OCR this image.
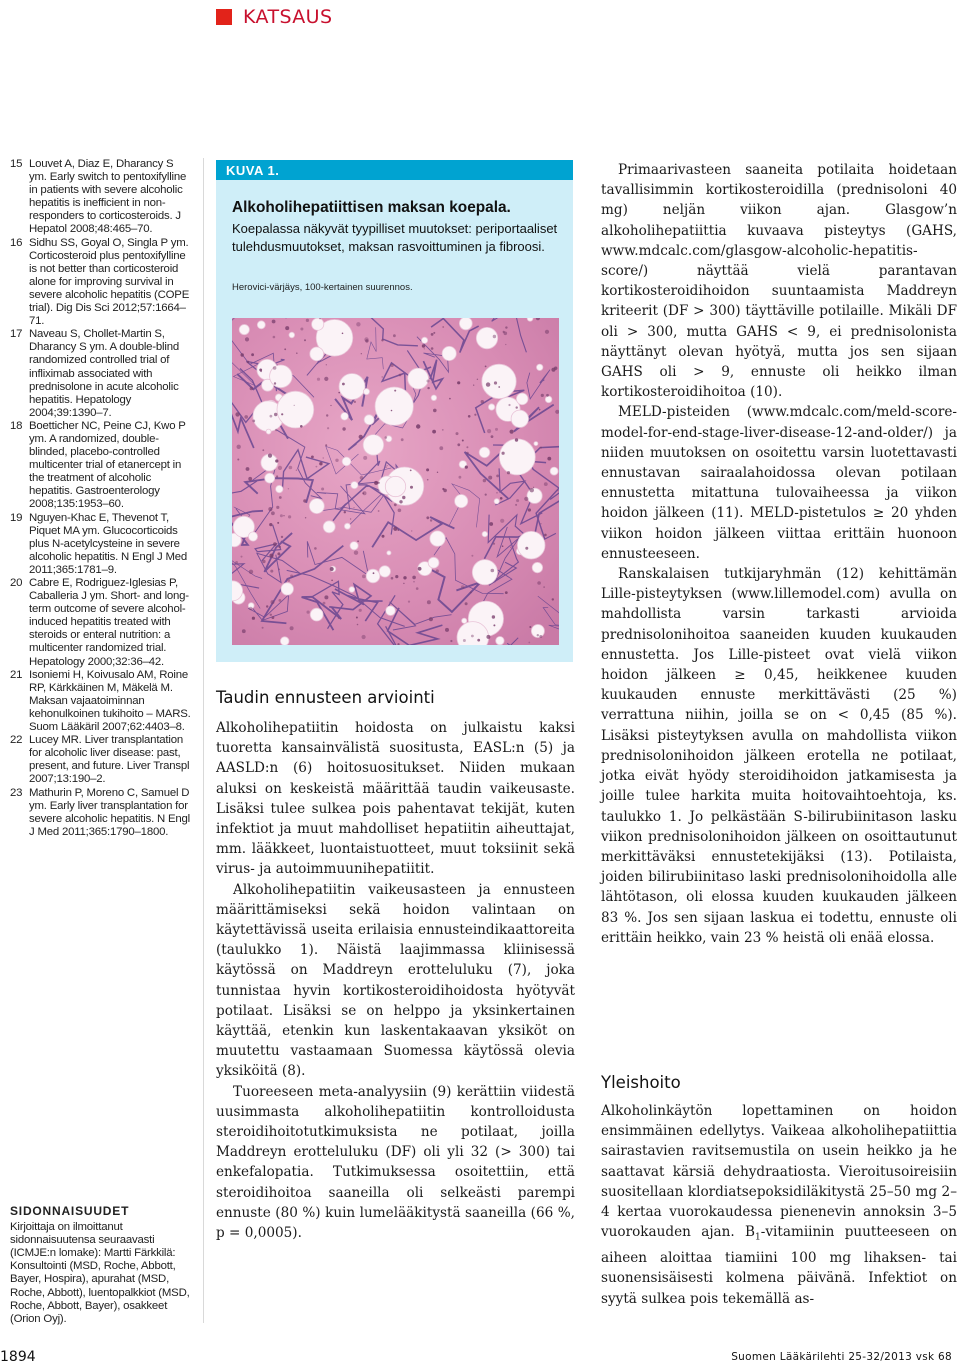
KATSAUS
15 Louvet A, Diaz E, Dharancy S ym. Early switch to pentoxifylline in patients with severe alcoholic hepatitis is inefficient in non-responders to corticosteroids. J Hepatol 2008;48:465–70.
16 Sidhu SS, Goyal O, Singla P ym. Corticosteroid plus pentoxifylline is not better than corticosteroid alone for improving survival in severe alcoholic hepatitis (COPE trial). Dig Dis Sci 2012;57:1664–71.
17 Naveau S, Chollet-Martin S, Dharancy S ym. A double-blind randomized controlled trial of infliximab associated with prednisolone in acute alcoholic hepatitis. Hepatology 2004;39:1390–7.
18 Boetticher NC, Peine CJ, Kwo P ym. A randomized, double-blinded, placebo-controlled multicenter trial of etanercept in the treatment of alcoholic hepatitis. Gastroenterology 2008;135:1953–60.
19 Nguyen-Khac E, Thevenot T, Piquet MA ym. Glucocorticoids plus N-acetylcysteine in severe alcoholic hepatitis. N Engl J Med 2011;365:1781–9.
20 Cabre E, Rodriguez-Iglesias P, Caballeria J ym. Short- and long-term outcome of severe alcohol-induced hepatitis treated with steroids or enteral nutrition: a multicenter randomized trial. Hepatology 2000;32:36–42.
21 Isoniemi H, Koivusalo AM, Roine RP, Kärkkäinen M, Mäkelä M. Maksan vajaatoiminnan kehonulkoinen tukihoito – MARS. Suom Lääkäril 2007;62:4403–8.
22 Lucey MR. Liver transplantation for alcoholic liver disease: past, present, and future. Liver Transpl 2007;13:190–2.
23 Mathurin P, Moreno C, Samuel D ym. Early liver transplantation for severe alcoholic hepatitis. N Engl J Med 2011;365:1790–1800.
SIDONNAISUUDET
Kirjoittaja on ilmoittanut sidonnaisuutensa seuraavasti (ICMJE:n lomake): Martti Färkkilä: Konsultointi (MSD, Roche, Abbott, Bayer, Hospira), apurahat (MSD, Roche, Abbott), luentopalkkiot (MSD, Roche, Abbott, Bayer), osakkeet (Orion Oyj).
KUVA 1.
Alkoholihepatiittisen maksan koepala.
Koepalassa näkyvät tyypilliset muutokset: periportaaliset tulehdusmuutokset, maksan rasvoittuminen ja fibroosi.
Herovici-värjäys, 100-kertainen suurennos.
Taudin ennusteen arviointi

Alkoholihepatiitin hoidosta on julkaistu kaksi tuoretta kansainvälistä suositusta, EASL:n (5) ja AASLD:n (6) hoitosuositukset. Niiden mukaan aluksi on keskeistä määrittää taudin vaikeusaste. Lisäksi tulee sulkea pois pahentavat tekijät, kuten infektiot ja muut mahdolliset hepatiitin aiheuttajat, mm. lääkkeet, luontaistuotteet, muut toksiinit sekä virus- ja autoimmuunihepatiitit.

Alkoholihepatiitin vaikeusasteen ja ennusteen määrittämiseksi sekä hoidon valintaan on käytettävissä useita erilaisia ennusteindikaattoreita (taulukko 1). Näistä laajimmassa kliinisessä käytössä on Maddreyn erotteluluku (7), joka tunnistaa hyvin kortikosteroidihoidosta hyötyvät potilaat. Lisäksi se on helppo ja yksinkertainen käyttää, etenkin kun laskentakaavan yksiköt on muutettu vastaamaan Suomessa käytössä olevia yksiköitä (8).

Tuoreeseen meta-analyysiin (9) kerättiin viidestä uusimmasta alkoholihepatiitin kontrolloidusta steroidihoitotutkimuksista ne potilaat, joilla Maddreyn erotteluluku (DF) oli yli 32 (> 300) tai enkefalopatia. Tutkimuksessa osoitettiin, että steroidihoitoa saaneilla oli selkeästi parempi ennuste (80 %) kuin lumelääkitystä saaneilla (66 %, p = 0,0005).

Primaarivasteen saaneita potilaita hoidetaan tavallisimmin kortikosteroidilla (prednisoloni 40 mg) neljän viikon ajan. Glasgow’n alkoholihepatiittia kuvaava pisteytys (GAHS, www.mdcalc.com/glasgow-alcoholic-hepatitis-score/) näyttää vielä parantavan kortikosteroidihoidon suuntaamista Maddreyn kriteerit (DF > 300) täyttäville potilaille. Mikäli DF oli > 300, mutta GAHS < 9, ei prednisolonista näyttänyt olevan hyötyä, mutta jos sen sijaan GAHS oli > 9, ennuste oli heikko ilman kortikosteroidihoitoa (10).

MELD-pisteiden (www.mdcalc.com/meld-score-model-for-end-stage-liver-disease-12-and-older/) ja niiden muutoksen on osoitettu varsin luotettavasti ennustavan sairaalahoidossa olevan potilaan ennustetta mitattuna tulovaiheessa ja viikon hoidon jälkeen (11). MELD-pistetulos ≥ 20 yhden viikon hoidon jälkeen viittaa erittäin huonoon ennusteeseen.

Ranskalaisen tutkijaryhmän (12) kehittämän Lille-pisteytyksen (www.lillemodel.com) avulla on mahdollista varsin tarkasti arvioida prednisolonihoitoa saaneiden kuuden kuukauden ennustetta. Jos Lille-pisteet ovat vielä viikon hoidon jälkeen ≥ 0,45, heikkenee kuuden kuukauden ennuste merkittävästi (25 %) verrattuna niihin, joilla se on < 0,45 (85 %). Lisäksi pisteytyksen avulla on mahdollista viikon prednisolonihoidon jälkeen erotella ne potilaat, jotka eivät hyödy steroidihoidon jatkamisesta ja joille tulee harkita muita hoitovaihtoehtoja, ks. taulukko 1. Jo pelkästään S-bilirubiinitason lasku viikon prednisolonihoidon jälkeen on osoittautunut merkittäväksi ennustetekijäksi (13). Potilaista, joiden bilirubiinitaso laski prednisolonihoidolla alle lähtötason, oli elossa kuuden kuukauden jälkeen 83 %. Jos sen sijaan laskua ei todettu, ennuste oli erittäin heikko, vain 23 % heistä oli enää elossa.

Yleishoito

Alkoholinkäytön lopettaminen on hoidon ensimmäinen edellytys. Vaikeaa alkoholihepatiittia sairastavien ravitsemustila on usein heikko ja he saattavat kärsiä dehydraatiosta. Vieroitusoireisiin suositellaan klordiatsepoksidiläkitystä 25–50 mg 2–4 kertaa vuorokaudessa pienenevin annoksin 3–5 vuorokauden ajan. $B_1$-vitamiinin puutteeseen on aiheen aloittaa tiamiini 100 mg lihaksen- tai suonensisäisesti kolmena päivänä. Infektiot on syytä sulkea pois tekemällä as-

1894	Suomen Lääkärilehti 25-32/2013 vsk 68
